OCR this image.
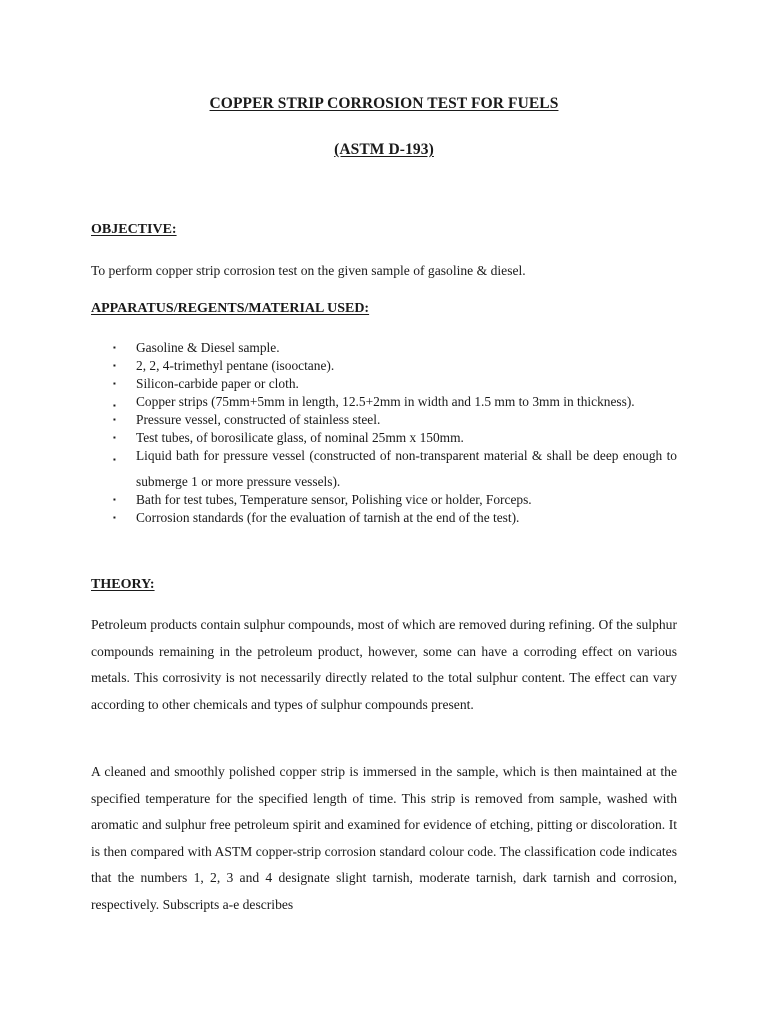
COPPER STRIP CORROSION TEST FOR FUELS
(ASTM D-193)
OBJECTIVE:
To perform copper strip corrosion test on the given sample of gasoline & diesel.
APPARATUS/REGENTS/MATERIAL USED:
▪ Gasoline & Diesel sample.
▪ 2, 2, 4-trimethyl pentane (isooctane).
▪ Silicon-carbide paper or cloth.
▪ Copper strips (75mm+5mm in length, 12.5+2mm in width and 1.5 mm to 3mm in thickness).
▪ Pressure vessel, constructed of stainless steel.
▪ Test tubes, of borosilicate glass, of nominal 25mm x 150mm.
▪ Liquid bath for pressure vessel (constructed of non-transparent material & shall be deep enough to submerge 1 or more pressure vessels).
▪ Bath for test tubes, Temperature sensor, Polishing vice or holder, Forceps.
▪ Corrosion standards (for the evaluation of tarnish at the end of the test).
THEORY:

Petroleum products contain sulphur compounds, most of which are removed during refining. Of the sulphur compounds remaining in the petroleum product, however, some can have a corroding effect on various metals. This corrosivity is not necessarily directly related to the total sulphur content. The effect can vary according to other chemicals and types of sulphur compounds present.

A cleaned and smoothly polished copper strip is immersed in the sample, which is then maintained at the specified temperature for the specified length of time. This strip is removed from sample, washed with aromatic and sulphur free petroleum spirit and examined for evidence of etching, pitting or discoloration. It is then compared with ASTM copper-strip corrosion standard colour code. The classification code indicates that the numbers 1, 2, 3 and 4 designate slight tarnish, moderate tarnish, dark tarnish and corrosion, respectively. Subscripts a-e describes
